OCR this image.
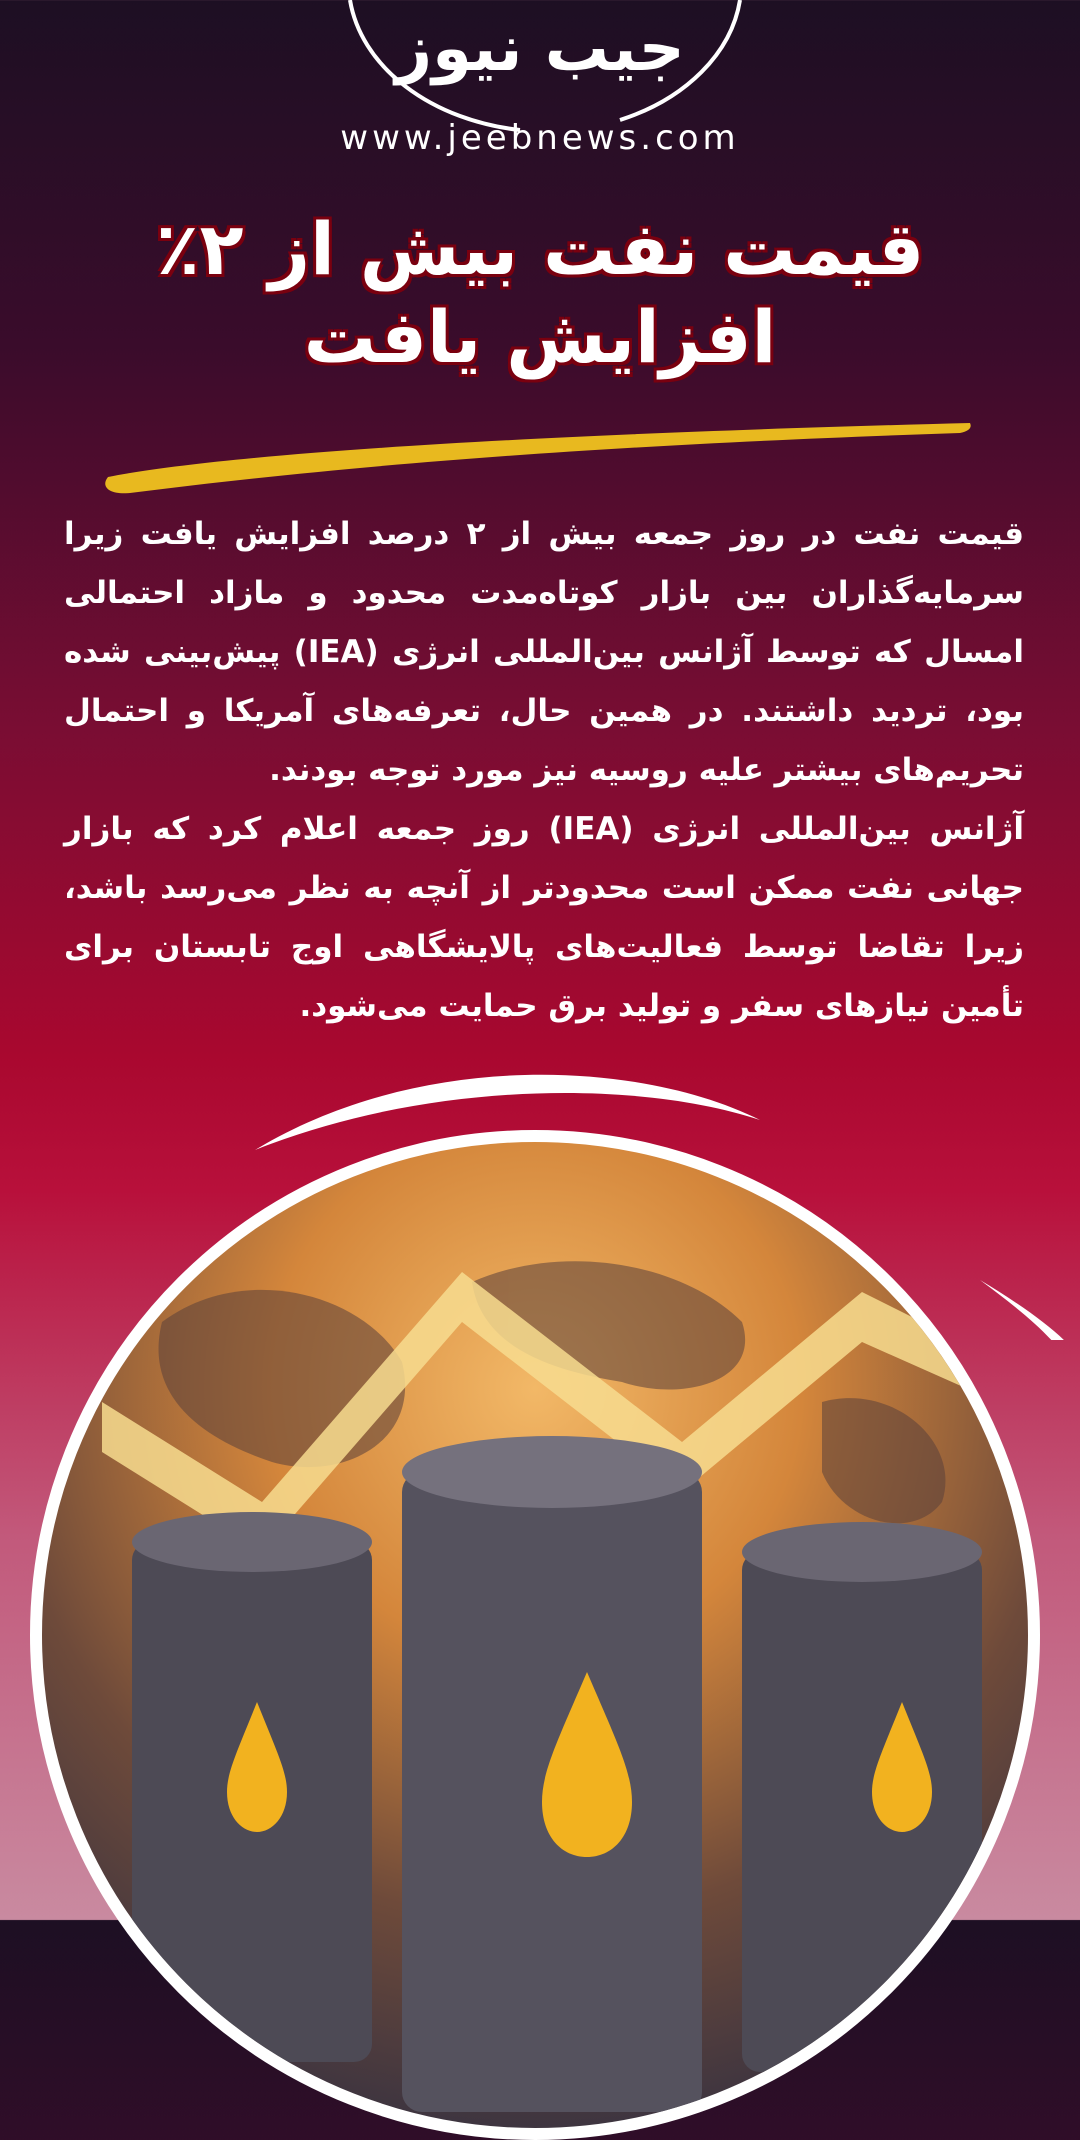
جیب نیوز
www.jeebnews.com
قیمت نفت بیش از ۲٪ افزایش یافت

قیمت نفت در روز جمعه بیش از ۲ درصد افزایش یافت زیرا سرمایه‌گذاران بین بازار کوتاه‌مدت محدود و مازاد احتمالی امسال که توسط آژانس بین‌المللی انرژی (IEA) پیش‌بینی شده بود، تردید داشتند. در همین حال، تعرفه‌های آمریکا و احتمال تحریم‌های بیشتر علیه روسیه نیز مورد توجه بودند.

آژانس بین‌المللی انرژی (IEA) روز جمعه اعلام کرد که بازار جهانی نفت ممکن است محدودتر از آنچه به نظر می‌رسد باشد، زیرا تقاضا توسط فعالیت‌های پالایشگاهی اوج تابستان برای تأمین نیازهای سفر و تولید برق حمایت می‌شود.
